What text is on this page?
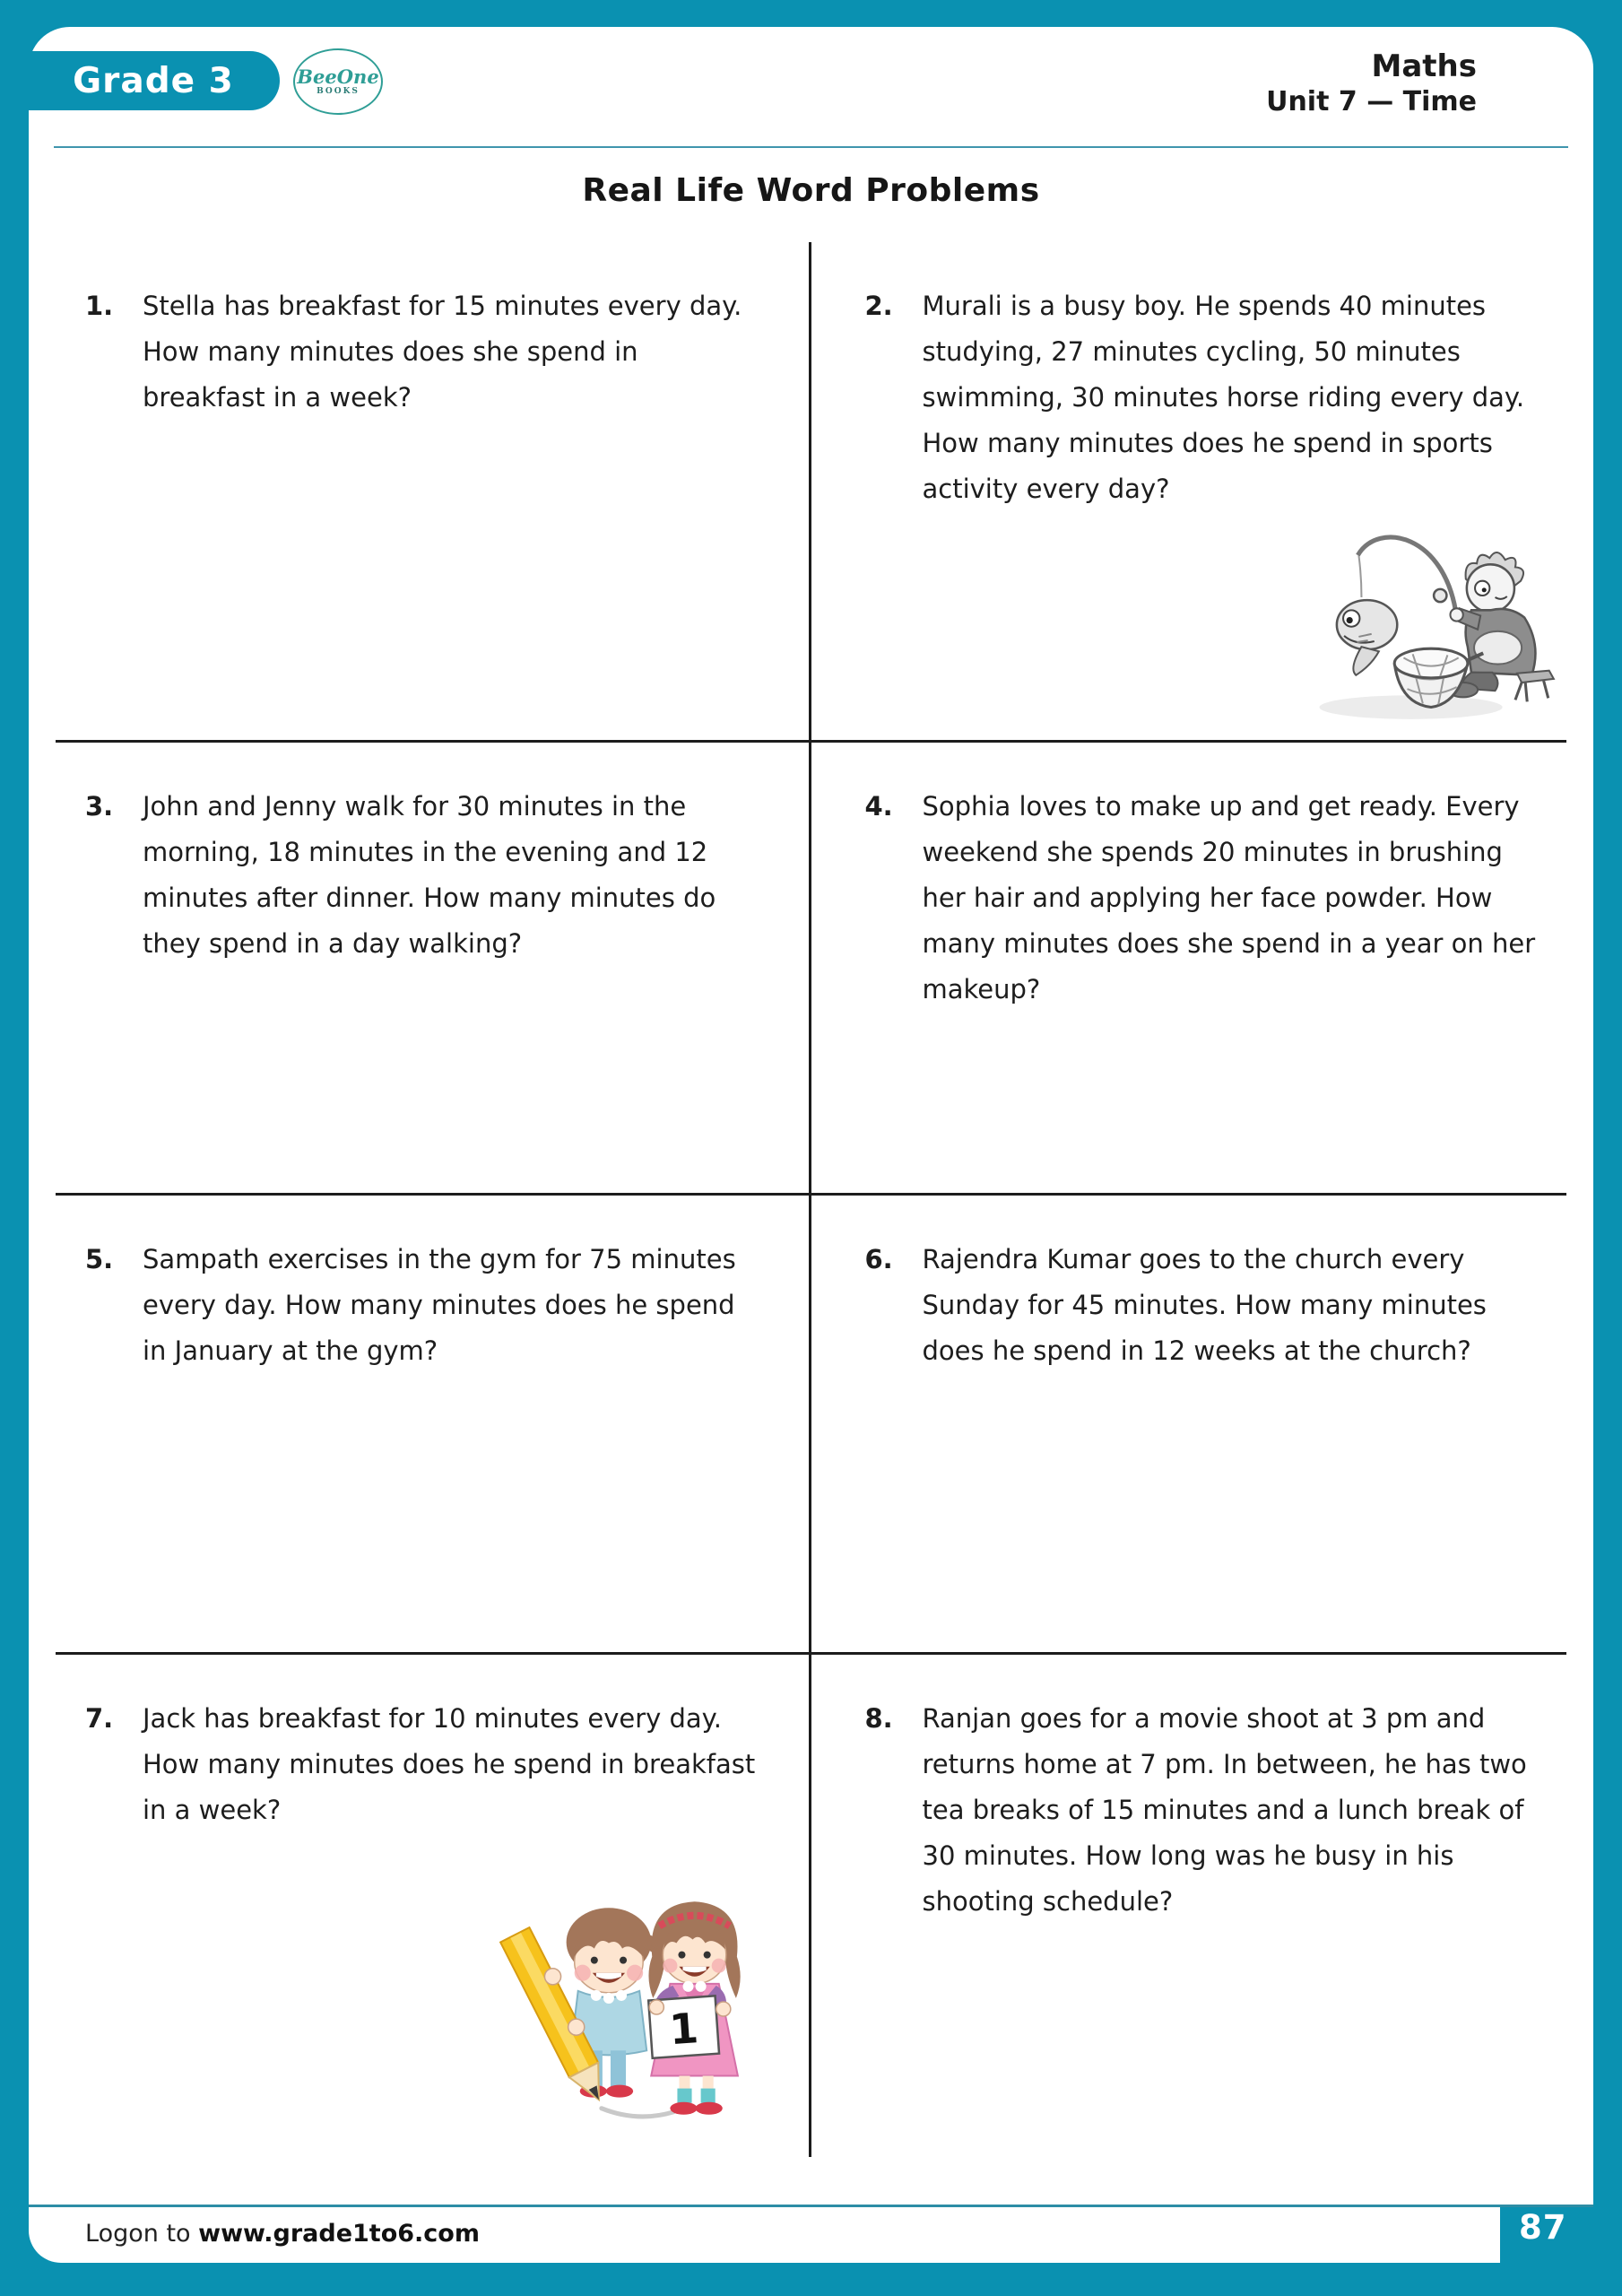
Grade 3	BeeOne
BOOKS
Maths
Unit 7 — Time
Real Life Word Problems
1.	Stella has breakfast for 15 minutes every day. How many minutes does she spend in breakfast in a week?
2.	Murali is a busy boy. He spends 40 minutes studying, 27 minutes cycling, 50 minutes swimming, 30 minutes horse riding every day. How many minutes does he spend in sports activity every day?
3.	John and Jenny walk for 30 minutes in the morning, 18 minutes in the evening and 12 minutes after dinner. How many minutes do they spend in a day walking?
4.	Sophia loves to make up and get ready. Every weekend she spends 20 minutes in brushing her hair and applying her face powder. How many minutes does she spend in a year on her makeup?
5.	Sampath exercises in the gym for 75 minutes every day. How many minutes does he spend in January at the gym?
6.	Rajendra Kumar goes to the church every Sunday for 45 minutes. How many minutes does he spend in 12 weeks at the church?
7.	Jack has breakfast for 10 minutes every day. How many minutes does he spend in breakfast in a week?
1
8.	Ranjan goes for a movie shoot at 3 pm and returns home at 7 pm. In between, he has two tea breaks of 15 minutes and a lunch break of 30 minutes. How long was he busy in his shooting schedule?
Logon to www.grade1to6.com	87
